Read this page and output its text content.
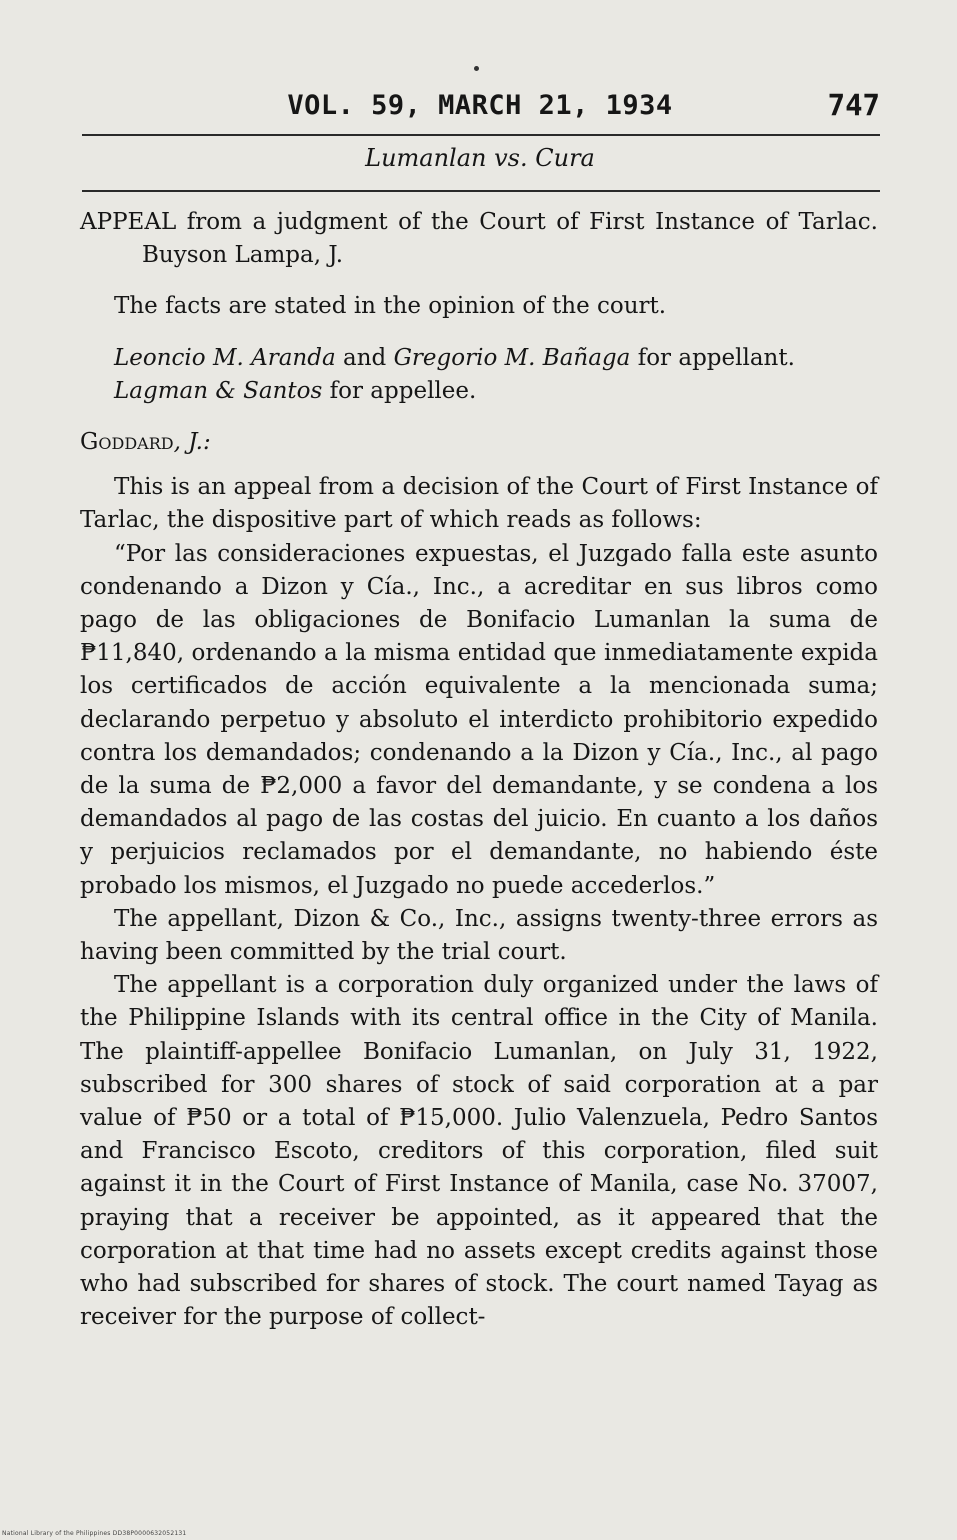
VOL. 59, MARCH 21, 1934	747
Lumanlan vs. Cura

APPEAL from a judgment of the Court of First Instance of Tarlac. Buyson Lampa, J.

The facts are stated in the opinion of the court.

Leoncio M. Aranda and Gregorio M. Bañaga for appellant.

Lagman & Santos for appellee.

Goddard, J.:

This is an appeal from a decision of the Court of First Instance of Tarlac, the dispositive part of which reads as follows:

“Por las consideraciones expuestas, el Juzgado falla este asunto condenando a Dizon y Cía., Inc., a acreditar en sus libros como pago de las obligaciones de Bonifacio Lumanlan la suma de ₱11,840, ordenando a la misma entidad que inmediatamente expida los certificados de acción equivalente a la mencionada suma; declarando perpetuo y absoluto el interdicto prohibitorio expedido contra los demandados; condenando a la Dizon y Cía., Inc., al pago de la suma de ₱2,000 a favor del demandante, y se condena a los demandados al pago de las costas del juicio. En cuanto a los daños y perjuicios reclamados por el demandante, no habiendo éste probado los mismos, el Juzgado no puede accederlos.”

The appellant, Dizon & Co., Inc., assigns twenty-three errors as having been committed by the trial court.

The appellant is a corporation duly organized under the laws of the Philippine Islands with its central office in the City of Manila. The plaintiff-appellee Bonifacio Lumanlan, on July 31, 1922, subscribed for 300 shares of stock of said corporation at a par value of ₱50 or a total of ₱15,000. Julio Valenzuela, Pedro Santos and Francisco Escoto, creditors of this corporation, filed suit against it in the Court of First Instance of Manila, case No. 37007, praying that a receiver be appointed, as it appeared that the corporation at that time had no assets except credits against those who had subscribed for shares of stock. The court named Tayag as receiver for the purpose of collect-

National Library of the Philippines DD38P0000632052131
